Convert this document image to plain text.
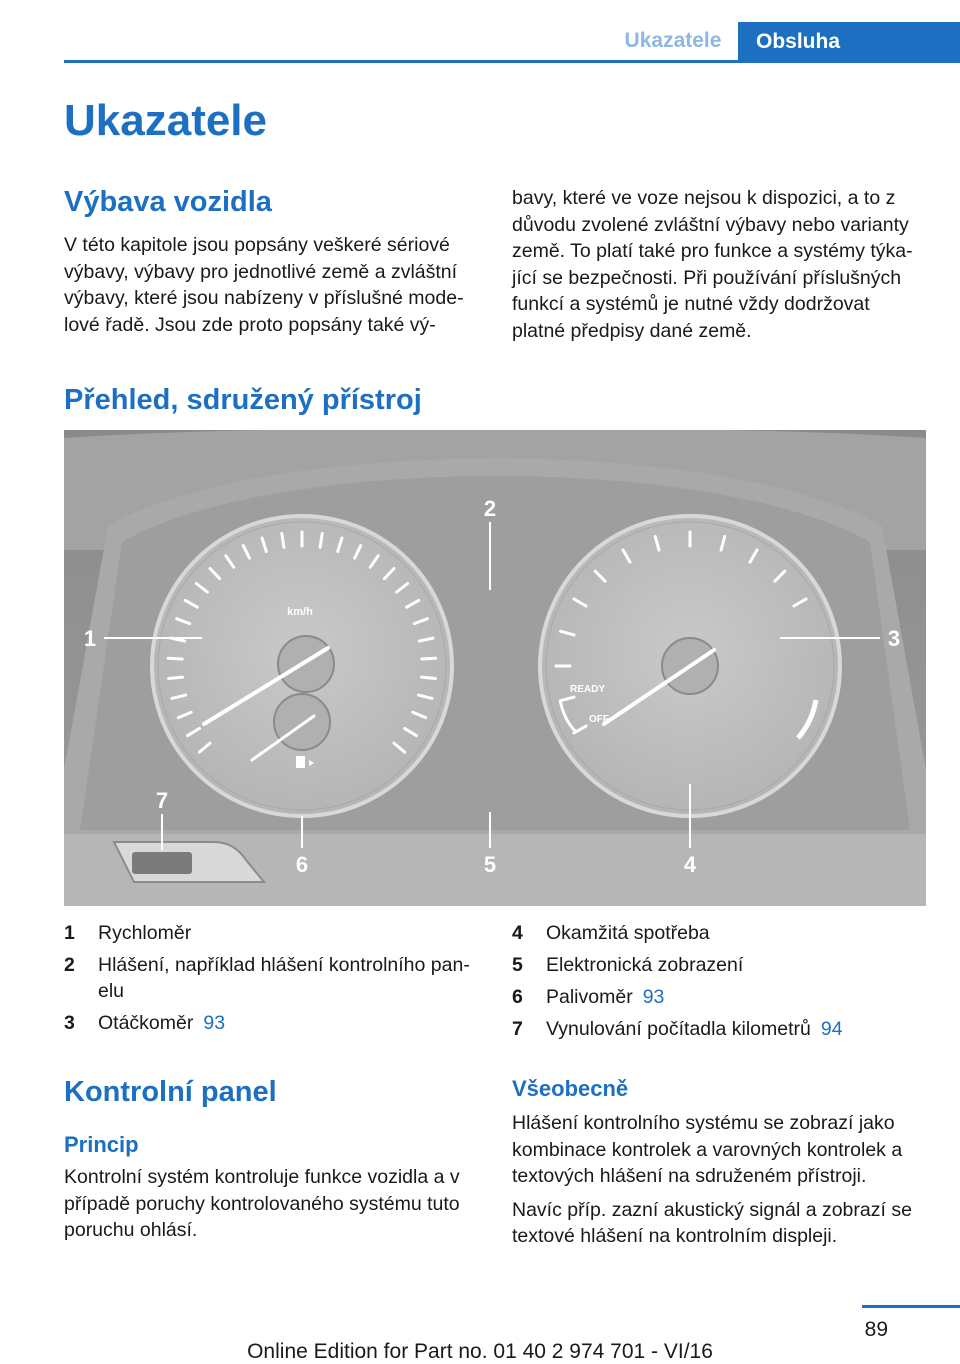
Ukazatele	Obsluha
Ukazatele
Výbava vozidla
V této kapitole jsou popsány veškeré sériové
výbavy, výbavy pro jednotlivé země a zvláštní
výbavy, které jsou nabízeny v příslušné mode-
lové řadě. Jsou zde proto popsány také vý-
bavy, které ve voze nejsou k dispozici, a to z
důvodu zvolené zvláštní výbavy nebo varianty
země. To platí také pro funkce a systémy týka-
jící se bezpečnosti. Při používání příslušných
funkcí a systémů je nutné vždy dodržovat
platné předpisy dané země.
Přehled, sdružený přístroj
km/h
READY
OFF
1
2
3
4
5
6
7
1	Rychloměr
2	Hlášení, například hlášení kontrolního pan-
elu
3	Otáčkoměr 93
4	Okamžitá spotřeba
5	Elektronická zobrazení
6	Palivoměr 93
7	Vynulování počítadla kilometrů 94
Kontrolní panel
Princip
Kontrolní systém kontroluje funkce vozidla a v
případě poruchy kontrolovaného systému tuto
poruchu ohlásí.
Všeobecně
Hlášení kontrolního systému se zobrazí jako
kombinace kontrolek a varovných kontrolek a
textových hlášení na sdruženém přístroji.
Navíc příp. zazní akustický signál a zobrazí se
textové hlášení na kontrolním displeji.
89
Online Edition for Part no. 01 40 2 974 701 - VI/16
